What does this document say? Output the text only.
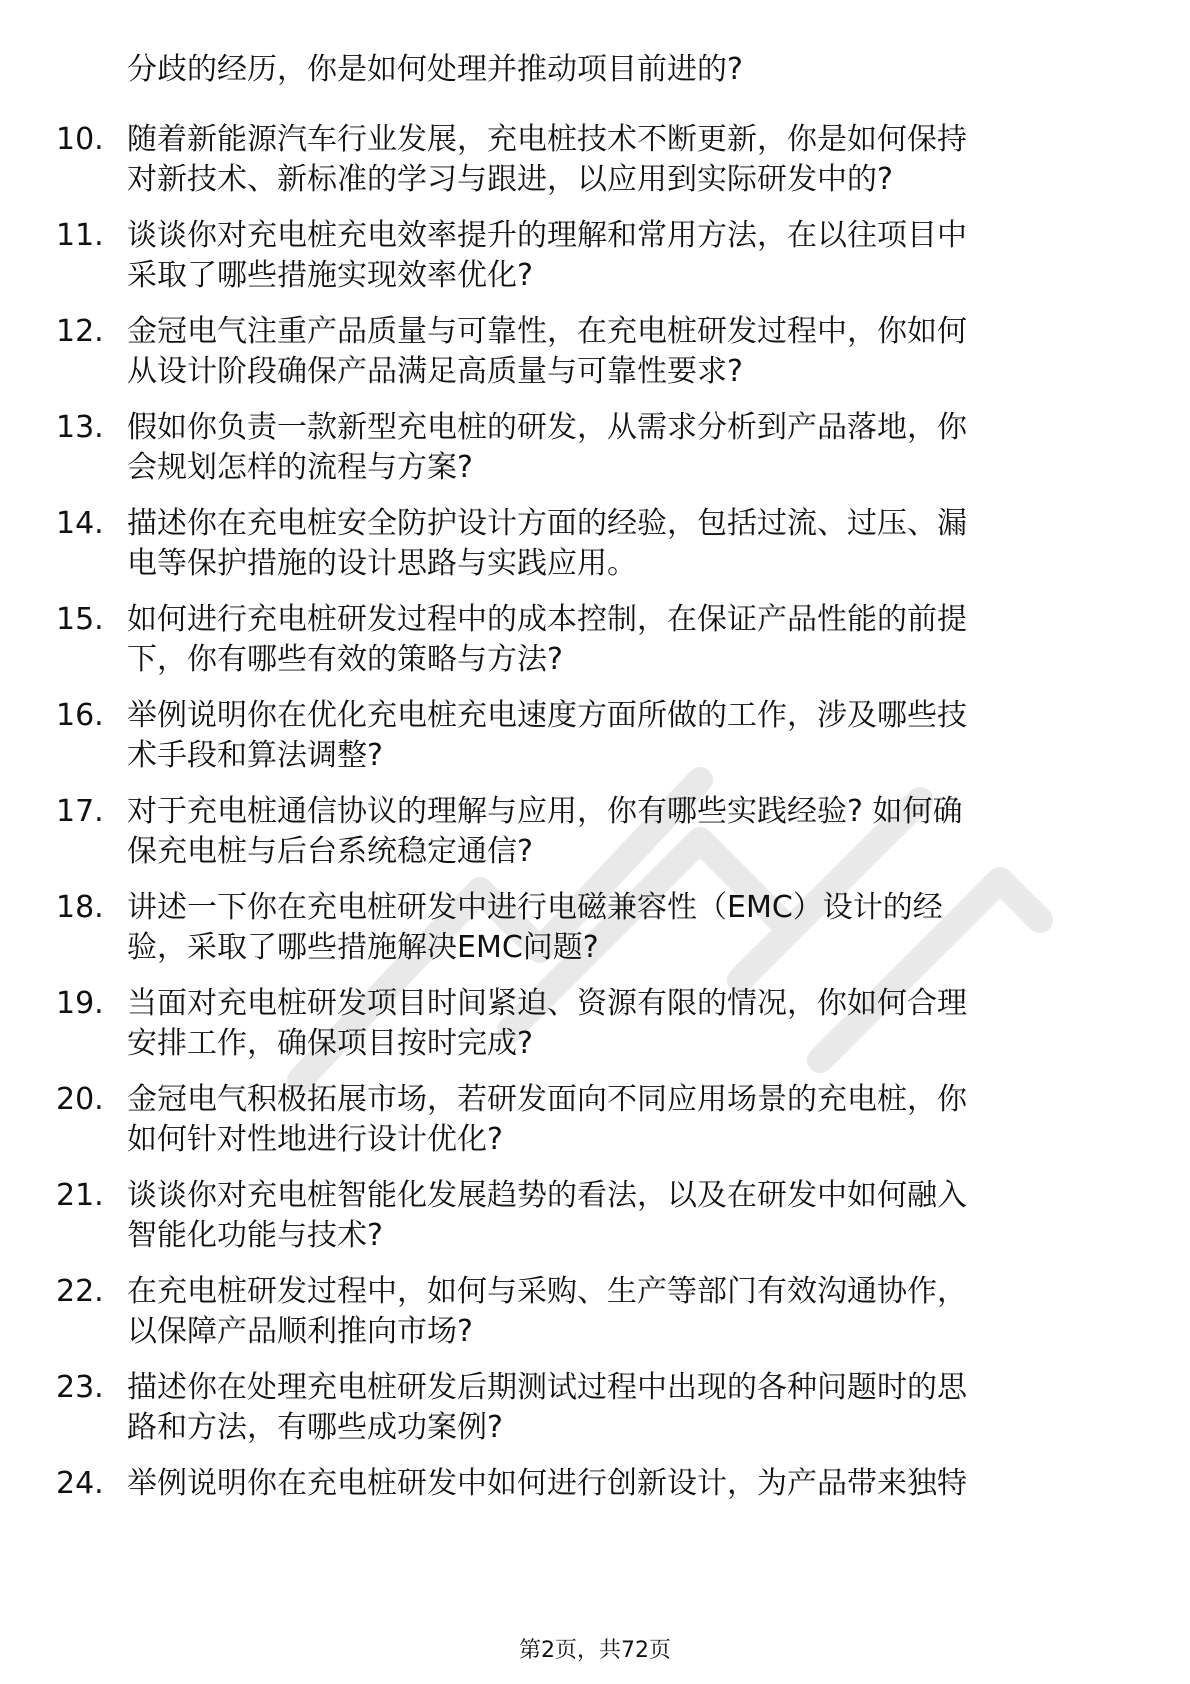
分歧的经历，你是如何处理并推动项目前进的?
10. 随着新能源汽车行业发展，充电桩技术不断更新，你是如何保持
对新技术、新标准的学习与跟进，以应用到实际研发中的?
11. 谈谈你对充电桩充电效率提升的理解和常用方法，在以往项目中
采取了哪些措施实现效率优化?
12. 金冠电气注重产品质量与可靠性，在充电桩研发过程中，你如何
从设计阶段确保产品满足高质量与可靠性要求?
13. 假如你负责一款新型充电桩的研发，从需求分析到产品落地，你
会规划怎样的流程与方案?
14. 描述你在充电桩安全防护设计方面的经验，包括过流、过压、漏
电等保护措施的设计思路与实践应用。
15. 如何进行充电桩研发过程中的成本控制，在保证产品性能的前提
下，你有哪些有效的策略与方法?
16. 举例说明你在优化充电桩充电速度方面所做的工作，涉及哪些技
术手段和算法调整?
17. 对于充电桩通信协议的理解与应用，你有哪些实践经验? 如何确
保充电桩与后台系统稳定通信?
18. 讲述一下你在充电桩研发中进行电磁兼容性（EMC）设计的经
验，采取了哪些措施解决EMC问题?
19. 当面对充电桩研发项目时间紧迫、资源有限的情况，你如何合理
安排工作，确保项目按时完成?
20. 金冠电气积极拓展市场，若研发面向不同应用场景的充电桩，你
如何针对性地进行设计优化?
21. 谈谈你对充电桩智能化发展趋势的看法，以及在研发中如何融入
智能化功能与技术?
22. 在充电桩研发过程中，如何与采购、生产等部门有效沟通协作，
以保障产品顺利推向市场?
23. 描述你在处理充电桩研发后期测试过程中出现的各种问题时的思
路和方法，有哪些成功案例?
24. 举例说明你在充电桩研发中如何进行创新设计，为产品带来独特
第2页，共72页
